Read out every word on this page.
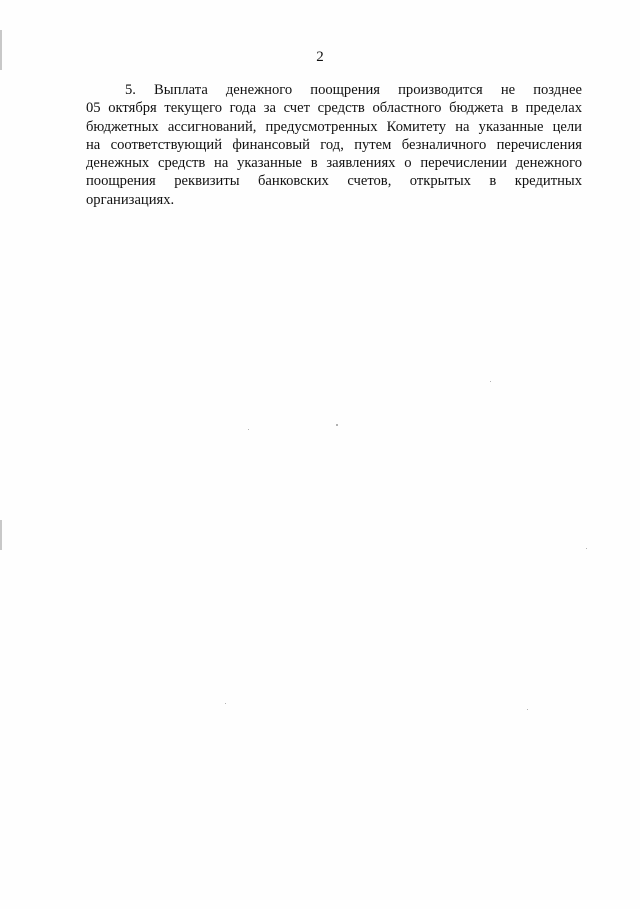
2
5. Выплата денежного поощрения производится не позднее
05 октября текущего года за счет средств областного бюджета в пределах
бюджетных ассигнований, предусмотренных Комитету на указанные цели
на соответствующий финансовый год, путем безналичного перечисления
денежных средств на указанные в заявлениях о перечислении денежного
поощрения реквизиты банковских счетов, открытых в кредитных
организациях.
